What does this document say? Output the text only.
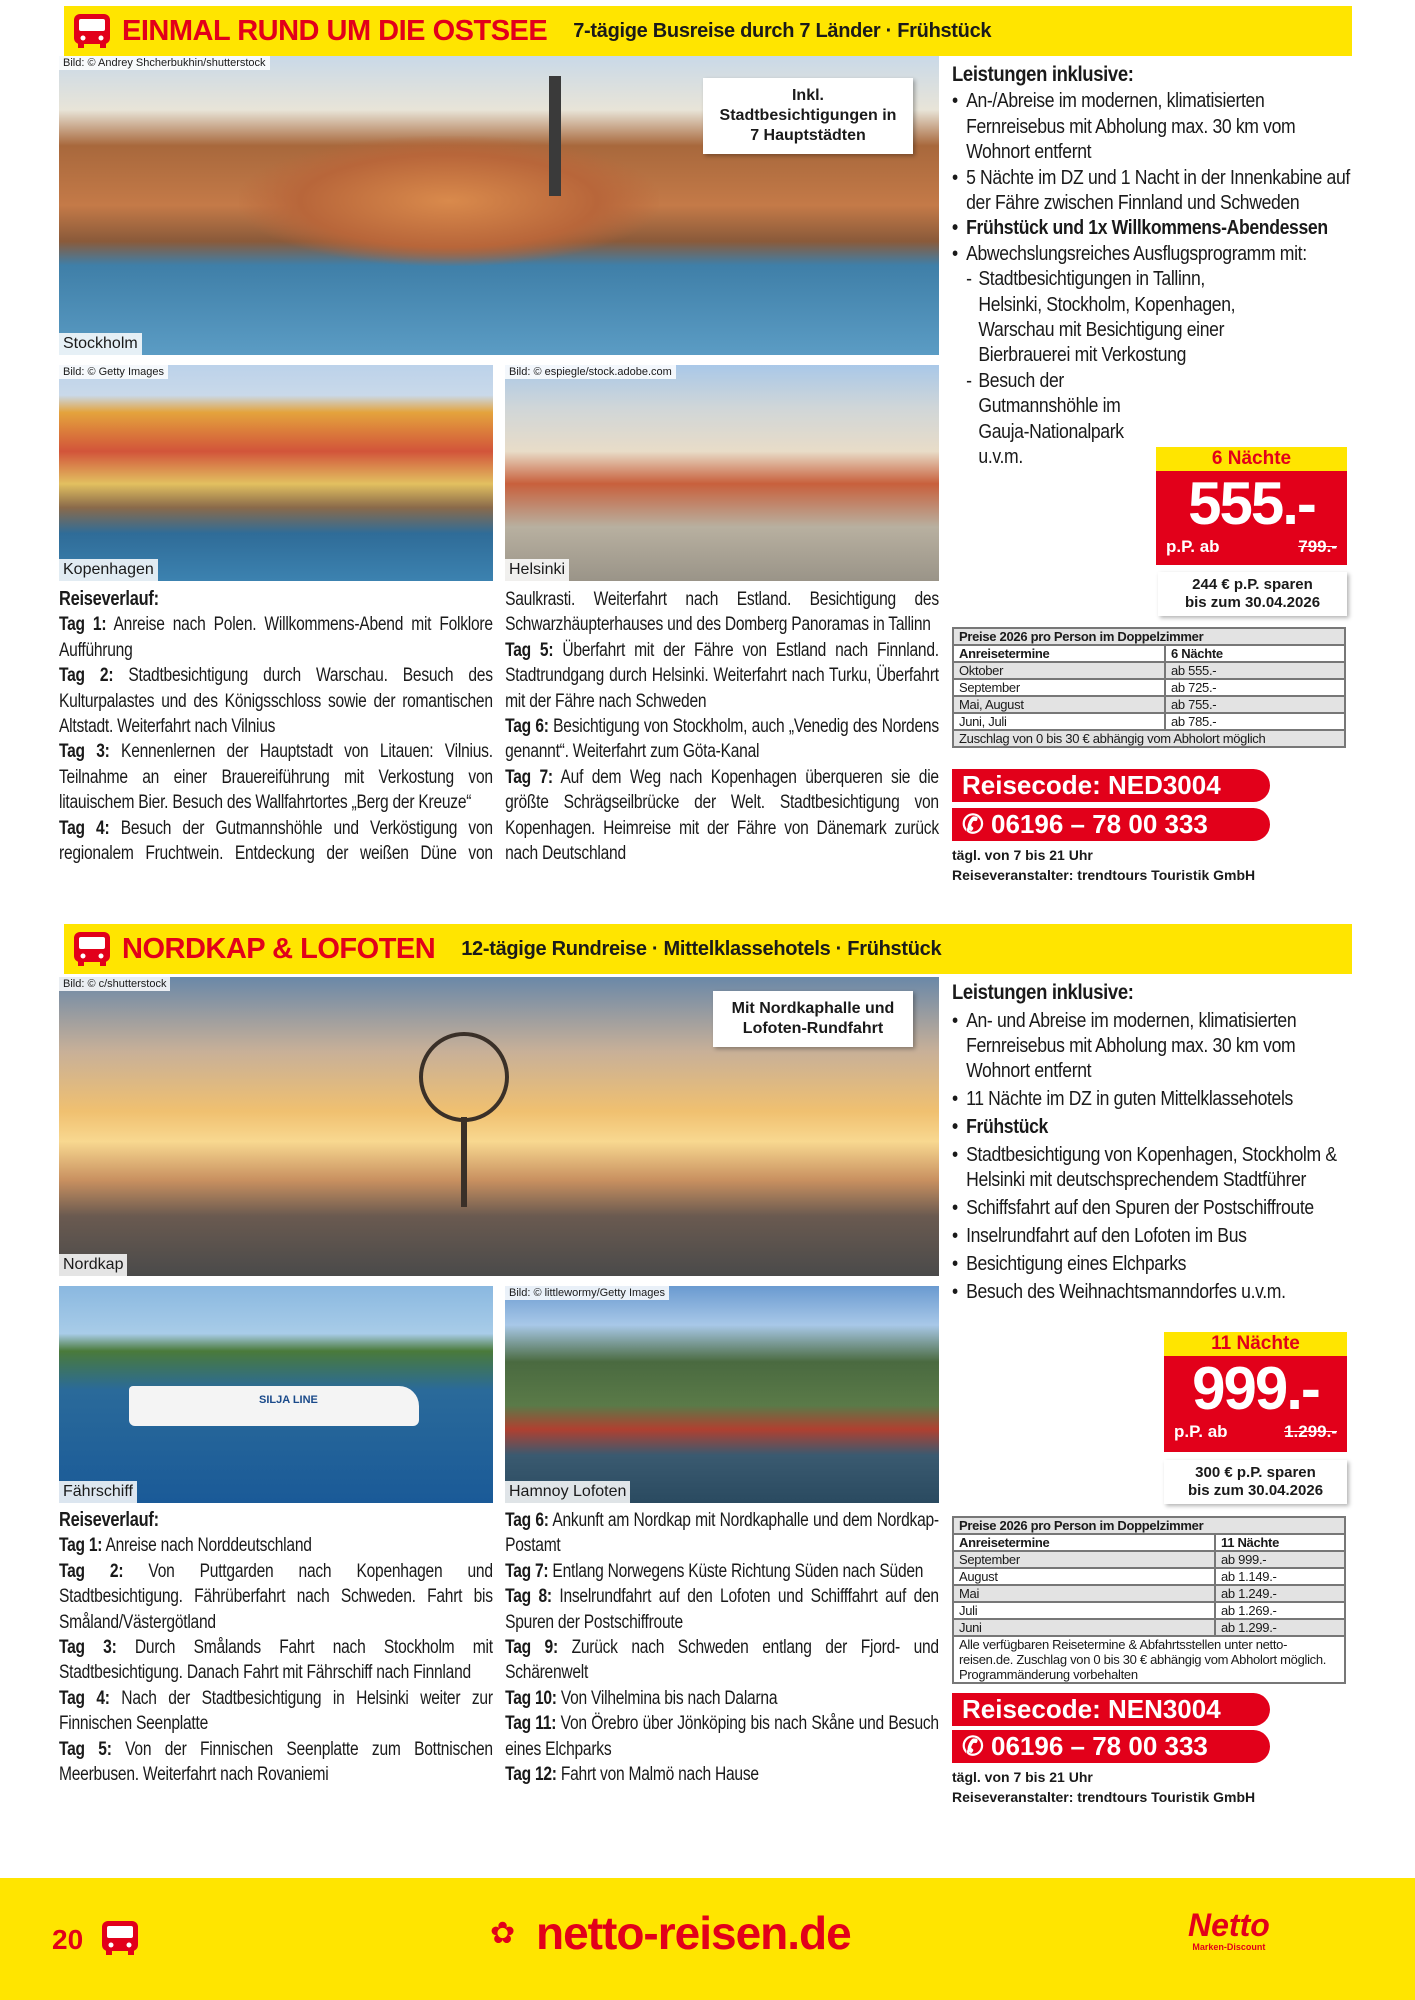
EINMAL RUND UM DIE OSTSEE 7-tägige Busreise durch 7 Länder · Frühstück
Bild: © Andrey Shcherbukhin/shutterstock
Stockholm
Inkl. Stadtbesichtigungen in 7 Hauptstädten
Bild: © Getty Images
Kopenhagen
Bild: © espiegle/stock.adobe.com
Helsinki
Reiseverlauf:
Tag 1: Anreise nach Polen. Willkommens-Abend mit Folklore Aufführung
Tag 2: Stadtbesichtigung durch Warschau. Besuch des Kulturpalastes und des Königsschloss sowie der romantischen Altstadt. Weiterfahrt nach Vilnius
Tag 3: Kennenlernen der Hauptstadt von Litauen: Vilnius. Teilnahme an einer Brauereiführung mit Verkostung von litauischem Bier. Besuch des Wallfahrtortes „Berg der Kreuze“
Tag 4: Besuch der Gutmannshöhle und Verköstigung von regionalem Fruchtwein. Entdeckung der weißen Düne von Saulkrasti. Weiterfahrt nach Estland. Besichtigung des Schwarzhäupterhauses und des Domberg Panoramas in Tallinn
Tag 5: Überfahrt mit der Fähre von Estland nach Finnland. Stadtrundgang durch Helsinki. Weiterfahrt nach Turku, Überfahrt mit der Fähre nach Schweden
Tag 6: Besichtigung von Stockholm, auch „Venedig des Nordens genannt“. Weiterfahrt zum Göta-Kanal
Tag 7: Auf dem Weg nach Kopenhagen überqueren sie die größte Schrägseilbrücke der Welt. Stadtbesichtigung von Kopenhagen. Heimreise mit der Fähre von Dänemark zurück nach Deutschland
Leistungen inklusive:
• An-/Abreise im modernen, klimatisierten Fernreisebus mit Abholung max. 30 km vom Wohnort entfernt
• 5 Nächte im DZ und 1 Nacht in der Innenkabine auf der Fähre zwischen Finnland und Schweden
• Frühstück und 1x Willkommens-Abendessen
• Abwechslungsreiches Ausflugsprogramm mit:
- Stadtbesichtigungen in Tallinn, Helsinki, Stockholm, Kopenhagen, Warschau mit Besichtigung einer Bierbrauerei mit Verkostung
- Besuch der Gutmannshöhle im Gauja-Nationalpark u.v.m.	6 Nächte
555.-
p.P. ab	799.-
244 € p.P. sparen
bis zum 30.04.2026
Preise 2026 pro Person im Doppelzimmer	
Anreisetermine	6 Nächte
Oktober	ab 555.-
September	ab 725.-
Mai, August	ab 755.-
Juni, Juli	ab 785.-
Zuschlag von 0 bis 30 € abhängig vom Abholort möglich	
Reisecode: NED3004
✆ 06196 – 78 00 333
tägl. von 7 bis 21 Uhr
Reiseveranstalter: trendtours Touristik GmbH
NORDKAP & LOFOTEN 12-tägige Rundreise · Mittelklassehotels · Frühstück
Bild: © c/shutterstock
Nordkap
Mit Nordkaphalle und Lofoten-Rundfahrt
SILJA LINE
Fährschiff
Bild: © littlewormy/Getty Images
Hamnoy Lofoten
Reiseverlauf:
Tag 1: Anreise nach Norddeutschland
Tag 2: Von Puttgarden nach Kopenhagen und Stadtbesichtigung. Fährüberfahrt nach Schweden. Fahrt bis Småland/Västergötland
Tag 3: Durch Smålands Fahrt nach Stockholm mit Stadtbesichtigung. Danach Fahrt mit Fährschiff nach Finnland
Tag 4: Nach der Stadtbesichtigung in Helsinki weiter zur Finnischen Seenplatte
Tag 5: Von der Finnischen Seenplatte zum Bottnischen Meerbusen. Weiterfahrt nach Rovaniemi
Tag 6: Ankunft am Nordkap mit Nordkaphalle und dem Nordkap-Postamt
Tag 7: Entlang Norwegens Küste Richtung Süden nach Süden
Tag 8: Inselrundfahrt auf den Lofoten und Schifffahrt auf den Spuren der Postschiffroute
Tag 9: Zurück nach Schweden entlang der Fjord- und Schärenwelt
Tag 10: Von Vilhelmina bis nach Dalarna
Tag 11: Von Örebro über Jönköping bis nach Skåne und Besuch eines Elchparks
Tag 12: Fahrt von Malmö nach Hause
Leistungen inklusive:
• An- und Abreise im modernen, klimatisierten Fernreisebus mit Abholung max. 30 km vom Wohnort entfernt
• 11 Nächte im DZ in guten Mittelklassehotels
• Frühstück
• Stadtbesichtigung von Kopenhagen, Stockholm & Helsinki mit deutschsprechendem Stadtführer
• Schiffsfahrt auf den Spuren der Postschiffroute
• Inselrundfahrt auf den Lofoten im Bus
• Besichtigung eines Elchparks
• Besuch des Weihnachtsmanndorfes u.v.m.
11 Nächte
999.-
p.P. ab	1.299.-
300 € p.P. sparen
bis zum 30.04.2026
Preise 2026 pro Person im Doppelzimmer	
Anreisetermine	11 Nächte
September	ab 999.-
August	ab 1.149.-
Mai	ab 1.249.-
Juli	ab 1.269.-
Juni	ab 1.299.-
Alle verfügbaren Reisetermine & Abfahrtsstellen unter netto-reisen.de. Zuschlag von 0 bis 30 € abhängig vom Abholort möglich. Programmänderung vorbehalten	
Reisecode: NEN3004
✆ 06196 – 78 00 333
tägl. von 7 bis 21 Uhr
Reiseveranstalter: trendtours Touristik GmbH
20	✿ netto-reisen.de	Netto
Marken-Discount
